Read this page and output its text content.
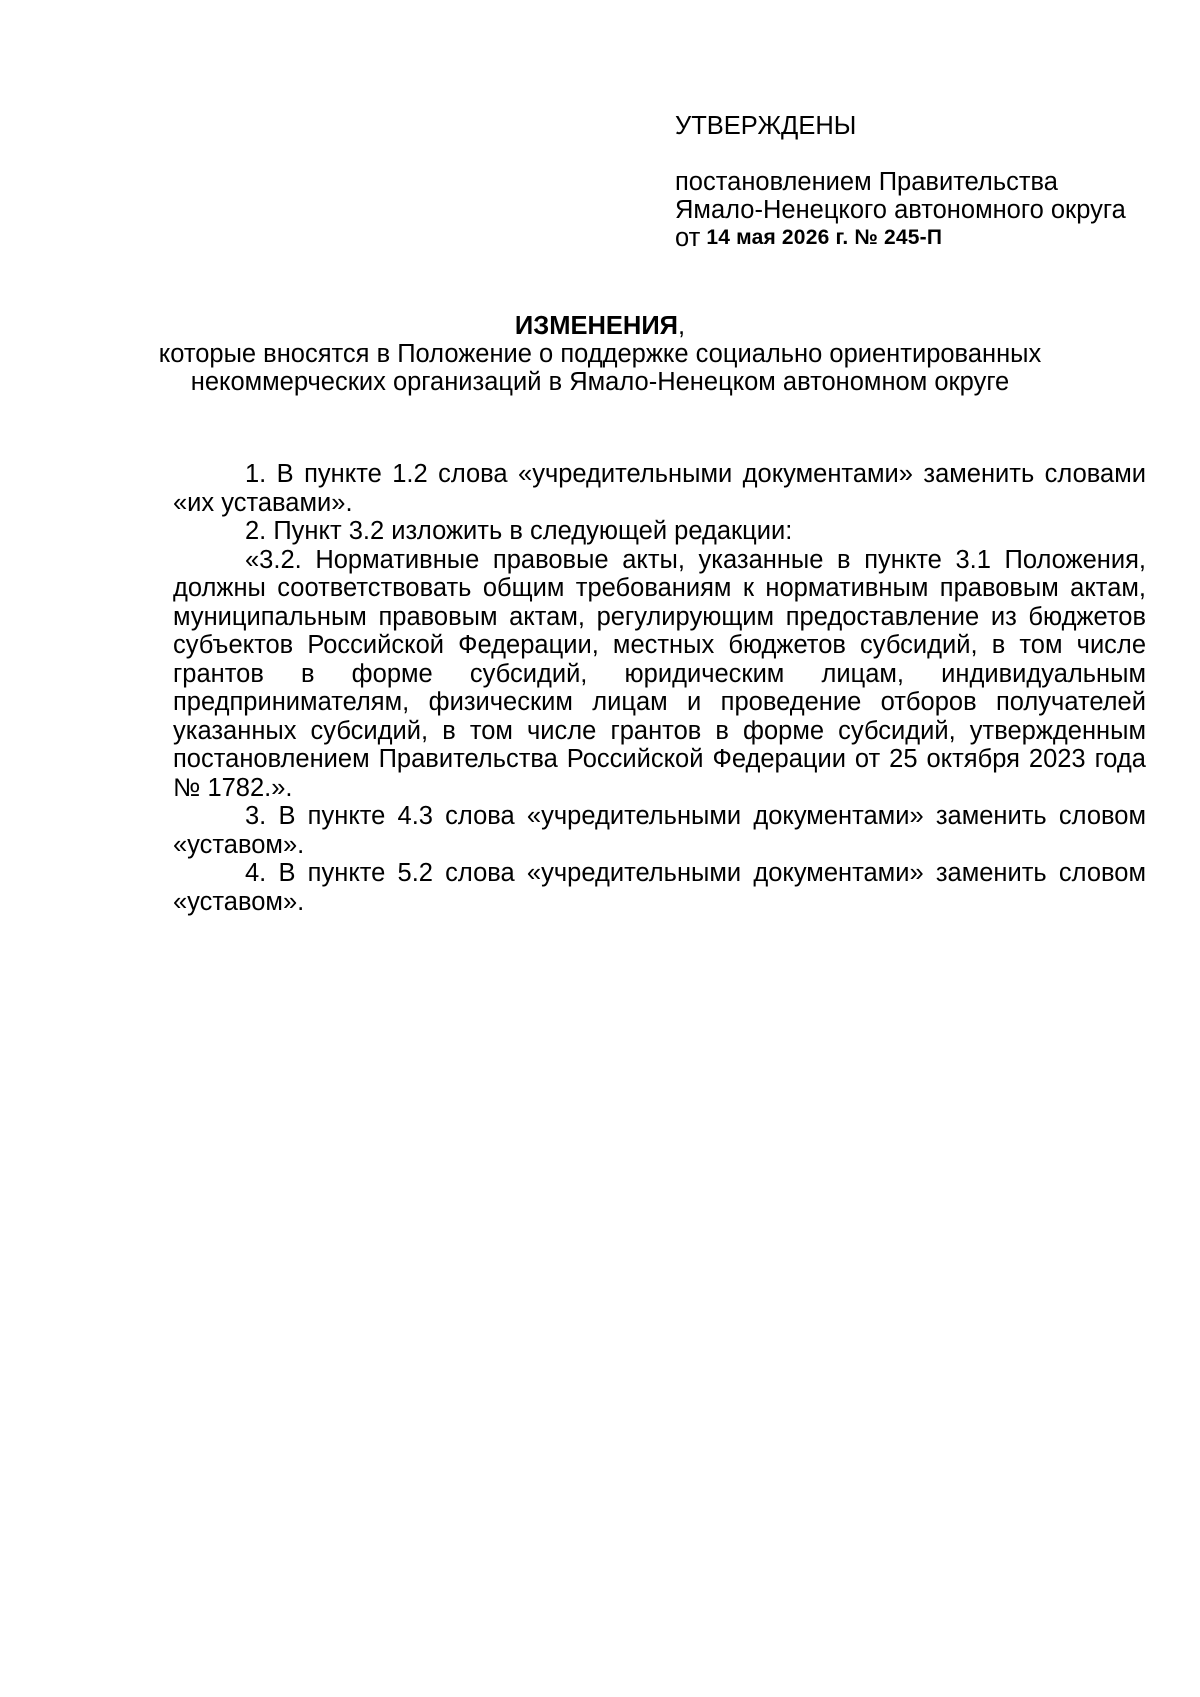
УТВЕРЖДЕНЫ

постановлением Правительства

Ямало-Ненецкого автономного округа

от 14 мая 2026 г. № 245-П

ИЗМЕНЕНИЯ,

которые вносятся в Положение о поддержке социально ориентированных

некоммерческих организаций в Ямало-Ненецком автономном округе

1. В пункте 1.2 слова «учредительными документами» заменить словами «их уставами».

2. Пункт 3.2 изложить в следующей редакции:

«3.2. Нормативные правовые акты, указанные в пункте 3.1 Положения, должны соответствовать общим требованиям к нормативным правовым актам, муниципальным правовым актам, регулирующим предоставление из бюджетов субъектов Российской Федерации, местных бюджетов субсидий, в том числе грантов в форме субсидий, юридическим лицам, индивидуальным предпринимателям, физическим лицам и проведение отборов получателей указанных субсидий, в том числе грантов в форме субсидий, утвержденным постановлением Правительства Российской Федерации от 25 октября 2023 года № 1782.».

3. В пункте 4.3 слова «учредительными документами» заменить словом «уставом».

4. В пункте 5.2 слова «учредительными документами» заменить словом «уставом».
